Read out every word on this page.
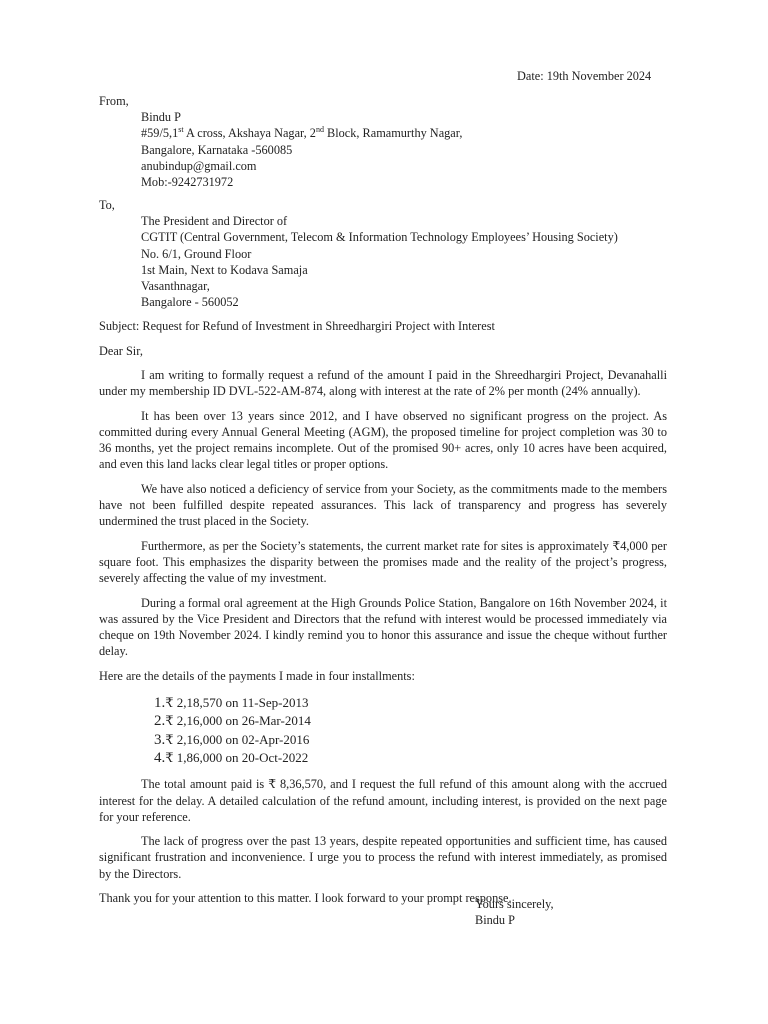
Date: 19th November 2024
From,
Bindu P
#59/5,1st A cross, Akshaya Nagar, 2nd Block, Ramamurthy Nagar,
Bangalore, Karnataka -560085
anubindup@gmail.com
Mob:-9242731972
To,
The President and Director of
CGTIT (Central Government, Telecom & Information Technology Employees’ Housing Society)
No. 6/1, Ground Floor
1st Main, Next to Kodava Samaja
Vasanthnagar,
Bangalore - 560052
Subject: Request for Refund of Investment in Shreedhargiri Project with Interest
Dear Sir,

I am writing to formally request a refund of the amount I paid in the Shreedhargiri Project, Devanahalli under my membership ID DVL-522-AM-874, along with interest at the rate of 2% per month (24% annually).

It has been over 13 years since 2012, and I have observed no significant progress on the project. As committed during every Annual General Meeting (AGM), the proposed timeline for project completion was 30 to 36 months, yet the project remains incomplete. Out of the promised 90+ acres, only 10 acres have been acquired, and even this land lacks clear legal titles or proper options.

We have also noticed a deficiency of service from your Society, as the commitments made to the members have not been fulfilled despite repeated assurances. This lack of transparency and progress has severely undermined the trust placed in the Society.

Furthermore, as per the Society’s statements, the current market rate for sites is approximately ₹4,000 per square foot. This emphasizes the disparity between the promises made and the reality of the project’s progress, severely affecting the value of my investment.

During a formal oral agreement at the High Grounds Police Station, Bangalore on 16th November 2024, it was assured by the Vice President and Directors that the refund with interest would be processed immediately via cheque on 19th November 2024. I kindly remind you to honor this assurance and issue the cheque without further delay.

Here are the details of the payments I made in four installments:

1.₹ 2,18,570 on 11-Sep-2013
2.₹ 2,16,000 on 26-Mar-2014
3.₹ 2,16,000 on 02-Apr-2016
4.₹ 1,86,000 on 20-Oct-2022

The total amount paid is ₹ 8,36,570, and I request the full refund of this amount along with the accrued interest for the delay. A detailed calculation of the refund amount, including interest, is provided on the next page for your reference.

The lack of progress over the past 13 years, despite repeated opportunities and sufficient time, has caused significant frustration and inconvenience. I urge you to process the refund with interest immediately, as promised by the Directors.

Thank you for your attention to this matter. I look forward to your prompt response.

Yours sincerely,
Bindu P
